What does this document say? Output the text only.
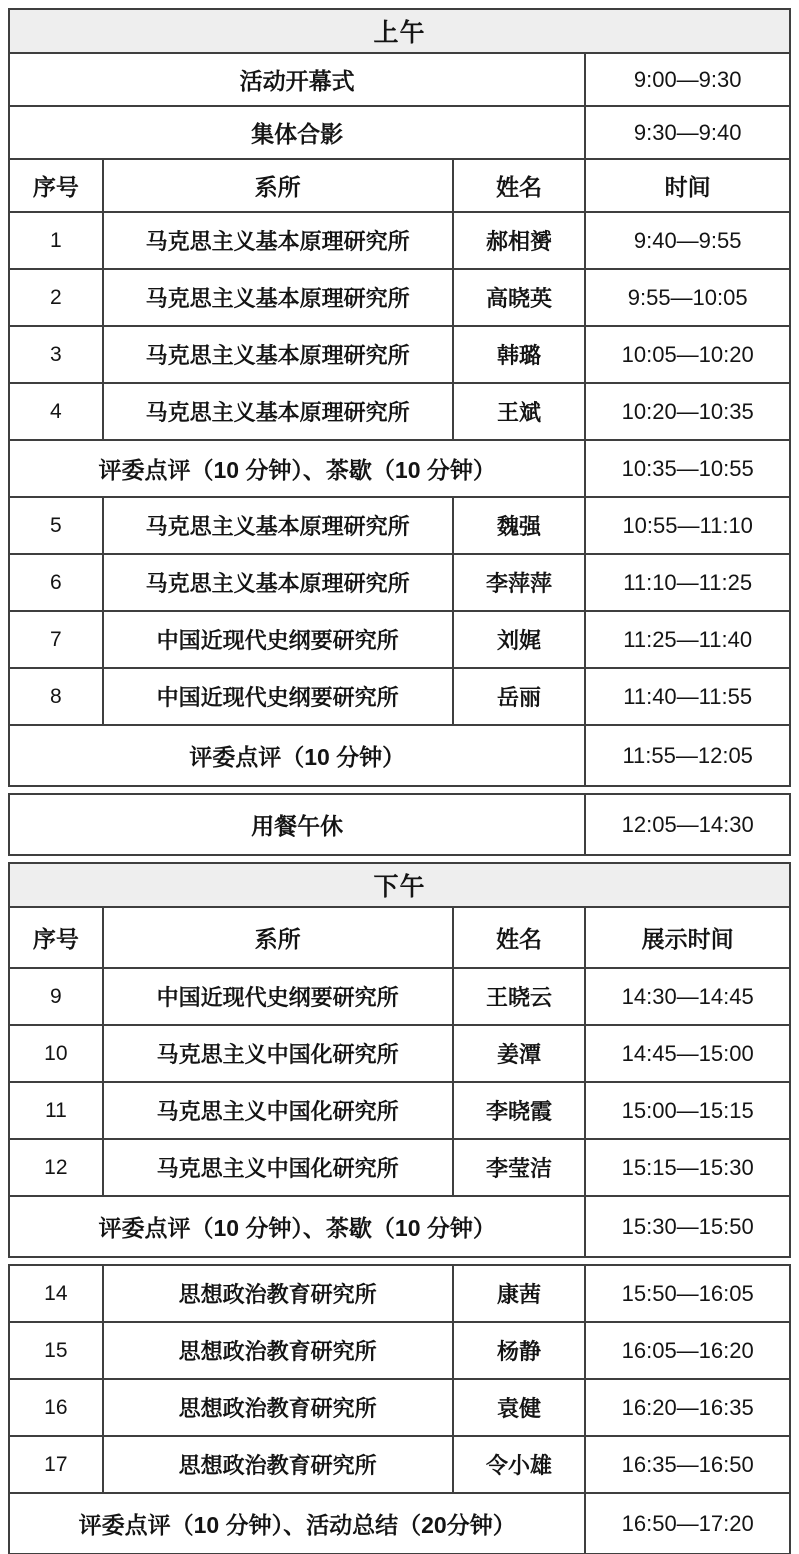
上午			
活动开幕式			9:00—9:30
集体合影			9:30—9:40
序号	系所	姓名	时间
1	马克思主义基本原理研究所	郝相赟	9:40—9:55
2	马克思主义基本原理研究所	高晓英	9:55—10:05
3	马克思主义基本原理研究所	韩璐	10:05—10:20
4	马克思主义基本原理研究所	王斌	10:20—10:35
评委点评（10 分钟）、茶歇（10 分钟）			10:35—10:55
5	马克思主义基本原理研究所	魏强	10:55—11:10
6	马克思主义基本原理研究所	李萍萍	11:10—11:25
7	中国近现代史纲要研究所	刘娓	11:25—11:40
8	中国近现代史纲要研究所	岳丽	11:40—11:55
评委点评（10 分钟）			11:55—12:05
用餐午休	12:05—14:30
下午			
序号	系所	姓名	展示时间
9	中国近现代史纲要研究所	王晓云	14:30—14:45
10	马克思主义中国化研究所	姜潭	14:45—15:00
11	马克思主义中国化研究所	李晓霞	15:00—15:15
12	马克思主义中国化研究所	李莹洁	15:15—15:30
评委点评（10 分钟）、茶歇（10 分钟）			15:30—15:50
14	思想政治教育研究所	康茜	15:50—16:05
15	思想政治教育研究所	杨静	16:05—16:20
16	思想政治教育研究所	袁健	16:20—16:35
17	思想政治教育研究所	令小雄	16:35—16:50
评委点评（10 分钟）、活动总结（20分钟）			16:50—17:20
